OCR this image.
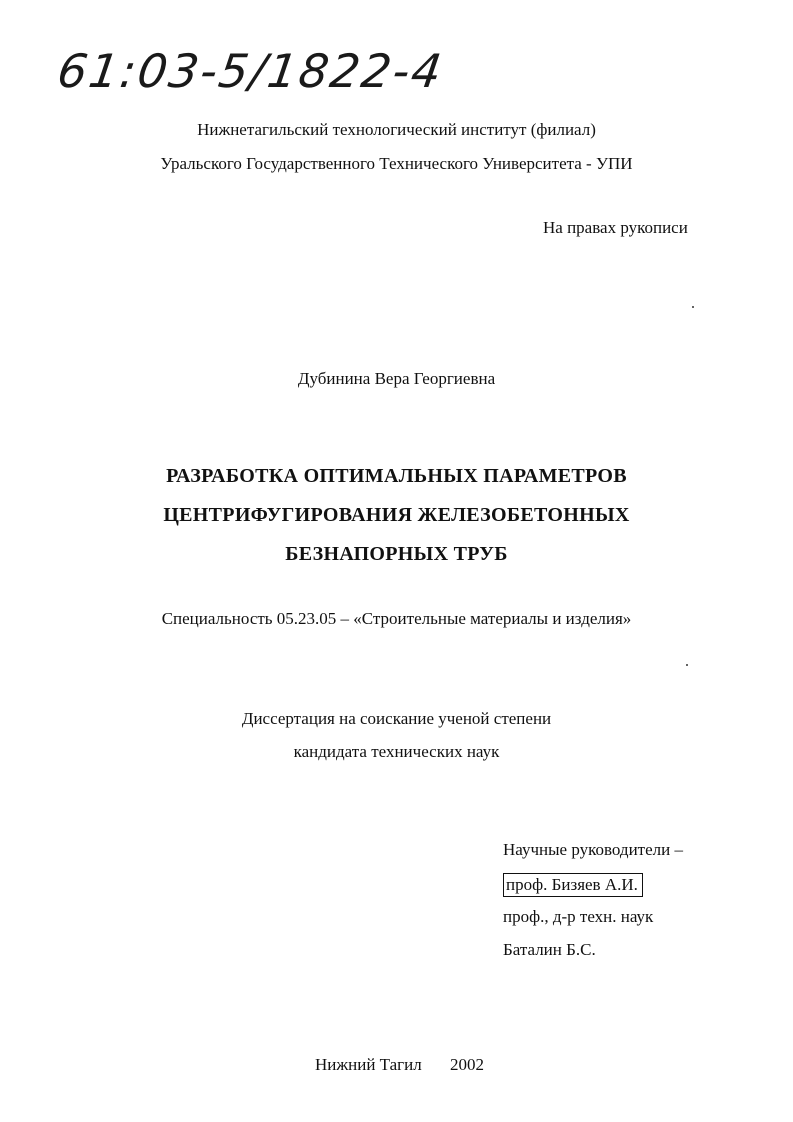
61:03-5/1822-4
Нижнетагильский технологический институт (филиал)
Уральского Государственного Технического Университета - УПИ
На правах рукописи
Дубинина Вера Георгиевна
РАЗРАБОТКА ОПТИМАЛЬНЫХ ПАРАМЕТРОВ
ЦЕНТРИФУГИРОВАНИЯ ЖЕЛЕЗОБЕТОННЫХ
БЕЗНАПОРНЫХ ТРУБ
Специальность 05.23.05 – «Строительные материалы и изделия»
Диссертация на соискание ученой степени
кандидата технических наук
Научные руководители –
проф. Бизяев А.И.
проф., д-р техн. наук
Баталин Б.С.
Нижний Тагил 2002
